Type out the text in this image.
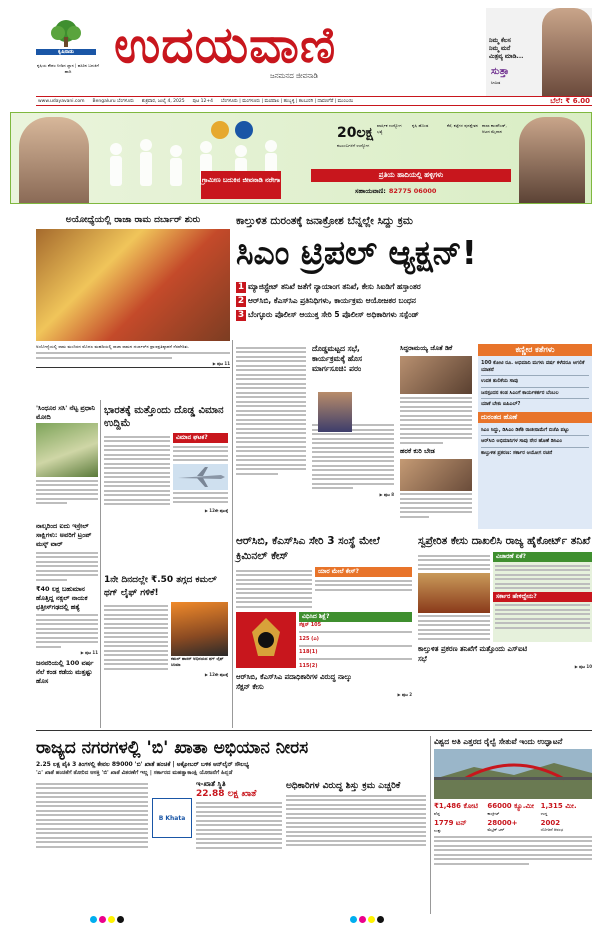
ಕೃಷಿನಾಡು
ಕೃಷಿಯ ಕೌಶಲ ನೀಡಿದ ಜ್ಞಾನ | ಹಸಿರಿನ ಬದುಕಿಗೆ ಹಾದಿ ಉದಯವಾಣಿ
ಜನಮನದ ಜೀವನಾಡಿ
ನಿಮ್ಮ ಕೆಲಸ
ನಿಮ್ಮ ಮನೆ
ಮಿತ್ರವ್ಯ ಮಾಡಿ...
ಸುತ್ತಾ
ಸೀಮಿತ
www.udayavani.com Bengaluru ಬೆಂಗಳೂರು ಶುಕ್ರವಾರ, ಜುಲೈ 4, 2025 ಪುಟ 12+4 ಬೆಂಗಳೂರು | ಮಂಗಳೂರು | ಮಣಿಪಾಲ | ಹುಬ್ಬಳ್ಳಿ | ಕಲಬುರಗಿ | ದಾವಣಗೆರೆ | ಮುಂಬಯಿ	ಬೆಲೆ: ₹ 6.00
20ಲಕ್ಷ
ಕುಟುಂಬಗಳಿಗೆ ಉದ್ಯೋಗ
ವಾರ್ಷಿಕ ಉದ್ಯೋಗ ಭತ್ಯೆ
ಕೃಷಿ ಹೊಂಡ	ಕೆರೆ, ಕಟ್ಟೆಗಳ ಪುನಶ್ಚೇತನ ಶಾಲಾ ಕಾಂಪೌಂಡ್, ಆಟದ ಮೈದಾನ
ಗ್ರಾಮೀಣ ಬದುಕಿನ ಜೀವನಾಡಿ ನರೇಗಾ
ಪ್ರತಿಯ ಹಾದಿಯಲ್ಲಿ ಹಳ್ಳಿಗಳು
ಸಹಾಯವಾಣಿ: 82775 06000
ಅಯೋಧ್ಯೆಯಲ್ಲಿ ರಾಜಾ ರಾಮ ದರ್ಬಾರ್ ಶುರು
ಅಯೋಧ್ಯೆಯಲ್ಲಿ ರಾಮ ಮಂದಿರದ ಮೊದಲ ಮಹಡಿಯಲ್ಲಿ ರಾಜಾ ರಾಮನ ದರ್ಬಾರ್‌ನ ಪ್ರಾಣಪ್ರತಿಷ್ಠಾಪನೆ ನೆರವೇರಿತು.
▶ ಪುಟ 11
ಕಾಲ್ತುಳಿತ ದುರಂತಕ್ಕೆ ಜನಾಕ್ರೋಶ ಬೆನ್ನಲ್ಲೇ ಸಿದ್ದು ಕ್ರಮ
ಸಿಎಂ ಟ್ರಿಪಲ್ ಆ್ಯಕ್ಷನ್!
1 ಮ್ಯಾಜಿಸ್ಟ್ರೇಟ್ ತನಿಖೆ ಜತೆಗೆ ನ್ಯಾಯಾಂಗ ತನಿಖೆ, ಕೇಸು ಸಿಐಡಿಗೆ ಹಸ್ತಾಂತರ
2 ಆರ್‌ಸಿಬಿ, ಕೆಎಸ್‌ಸಿಎ ಪ್ರತಿನಿಧಿಗಳು, ಕಾರ್ಯಕ್ರಮ ಆಯೋಜಕರ ಬಂಧನ
3 ಬೆಂಗ್ಳೂರು ಪೊಲೀಸ್ ಆಯುಕ್ತ ಸೇರಿ 5 ಪೊಲೀಸ್ ಅಧಿಕಾರಿಗಳು ಸಸ್ಪೆಂಡ್
ದೊಡ್ಡಮಟ್ಟದ ಸಭೆ, ಕಾರ್ಯಕ್ರಮಕ್ಕೆ ಹೊಸ ಮಾರ್ಗಸೂಚಿ: ಪರಂ
▶ ಪುಟ 8
ಸಿದ್ಧರಾಮಯ್ಯ ಜೊತೆ ಡಿಕೆ
ಹರಕೆ ಕುರಿ ಬೇಡ
ಕಣ್ಣೀರ ಕತೆಗಳು
100 ಕೋಟಿ ರೂ. ಅಭಿಮಾನಿ ಮಗಳು ವರ್ಷ ಕಳೆದರೂ ಅಗಲಿಕೆ ಯಾತನೆ
ಉದಕ ತುಲಿಕೆಯ ಸಾವು
ಜನಸ್ಪಂದನ ಕಂಡ ಸಿಎಂಗೆ ಕಾರ್ಯಕರ್ತರ ಬೆಂಬಲ
ಯಾಕೆ ಬೇಕು ಐಪಿಎಲ್?
ದುರಂತದ ಹೊಣೆ
ಸಿಎಂ ಸಿದ್ದು, ಡಿಸಿಎಂ ಡಿಕೆಶಿ ರಾಜೀನಾಮೆಗೆ ಬಿಜೆಪಿ ಪಟ್ಟು
ಆರ್‌ಸಿಬಿ ಅಭಿಮಾನಿಗಳ ಸಾವು ನೇರ ಹೊಣೆ ಡಿಸಿಎಂ
ಕಾಲ್ತುಳಿತ ಪ್ರಕರಣ: ಸರ್ಕಾರ ಆಯೋಗ ರಚನೆ
'ಸಿಂಧೂರ ಸಸಿ' ನೆಟ್ಟ ಪ್ರಧಾನಿ ಮೋದಿ
ನಾಲ್ಕರಿಂದ ಐದು ಇಸ್ರೇಲ್ ಸಾಕ್ಷಿಗಳು: ಅವರಿಗೆ ಟ್ರಂಪ್ ಮಸ್ಕ್ ವಾರ್
₹40 ಲಕ್ಷ ಬಹುಮಾನ ಹೊತ್ತಿದ್ದ ನಕ್ಸಲ್ ನಾಯಕ ಛತ್ತೀಸ್‌ಗಢದಲ್ಲಿ ಹತ್ಯೆ
▶ ಪುಟ 11
ಜನವರಿಯಲ್ಲಿ 100 ವರ್ಷ ನೆಲೆ ಕಂಡ ಕಡೆಯ ಮತ್ತಷ್ಟು ಹೊಸ
ಭಾರತಕ್ಕೆ ಮತ್ತೊಂದು ದೊಡ್ಡ ವಿಮಾನ ಉದ್ದಿಮೆ
ವಿಮಾನ ಘಟಕ?
▶ 12ನೇ ಪುಟಕ್ಕೆ
1ನೇ ದಿನದಲ್ಲೇ ₹.50 ತಗ್ಗದ ಕಮಲ್ ಥಗ್ ಲೈಫ್ ಗಳಿಕೆ!
ಕಮಲ್ ಹಾಸನ್ ಅಭಿನಯದ ಥಗ್ ಲೈಫ್ ಸಿನಿಮಾ
▶ 12ನೇ ಪುಟಕ್ಕೆ
ಆರ್‌ಸಿಬಿ, ಕೆಎಸ್‌ಸಿಎ ಸೇರಿ 3 ಸಂಸ್ಥೆ ಮೇಲೆ ಕ್ರಿಮಿನಲ್ ಕೇಸ್
ಯಾರ ಮೇಲೆ ಕೇಸ್?
ವಿಧಿಸಿದ ಶಿಕ್ಷೆ?
ಸೆಕ್ಷನ್ 105
125 (ಎ)
118(1)
115(2)
ಆರ್‌ಸಿಬಿ, ಕೆಎಸ್‌ಸಿಎ ಪದಾಧಿಕಾರಿಗಳ ವಿರುದ್ಧ ನಾಲ್ಕು ಸೆಕ್ಷನ್ ಕೇಸು
▶ ಪುಟ 2
ಸ್ವಪ್ರೇರಿತ ಕೇಸು ದಾಖಲಿಸಿ ರಾಜ್ಯ ಹೈಕೋರ್ಟ್ ತನಿಖೆ
ವಿಚಾರಣೆ ಏಕೆ?
ಸರ್ಕಾರ ಹೇಳಿದ್ದೇನು?
ಕಾಲ್ತುಳಿತ ಪ್ರಕರಣ ತನಿಖೆಗೆ ಮತ್ತೊಂದು ಎಸ್‌ಐಟಿ ಸಭೆ
▶ ಪುಟ 10
ರಾಜ್ಯದ ನಗರಗಳಲ್ಲಿ 'ಬಿ' ಖಾತಾ ಅಭಿಯಾನ ನೀರಸ
2.25 ಲಕ್ಷ ಪೈಕಿ 3 ತಿಂಗಳಲ್ಲಿ ಕೇವಲ 89000 'ಬಿ' ಖಾತೆ ಹಂಚಿಕೆ | ಅಕ್ಟೋಬರ್ ಬಳಿಕ ಆನ್‌ಲೈನ್ ಸೌಲಭ್ಯ
'ಎ' ಖಾತೆ ಹಂಚಿಕೆಗೆ ತೋರಿದ ಆಸಕ್ತಿ 'ಬಿ' ಖಾತೆ ವಿತರಣೆಗೆ ಇಲ್ಲ | ಸರ್ಕಾರದ ಮಹತ್ವಾಕಾಂಕ್ಷಿ ಯೋಜನೆಗೆ ಹಿನ್ನಡೆ
B Khata
ಇ-ಖಾತೆ ಸ್ಥಿತಿ
22.88 ಲಕ್ಷ ಖಾತೆ
ಅಧಿಕಾರಿಗಳ ವಿರುದ್ಧ ಶಿಸ್ತು ಕ್ರಮ ಎಚ್ಚರಿಕೆ
ವಿಶ್ವದ ಅತಿ ಎತ್ತರದ ರೈಲ್ವೆ ಸೇತುವೆ ಇಂದು ಉದ್ಘಾಟನೆ
₹1,486 ಕೋಟಿ
ವೆಚ್ಚ
66000 ಕ್ಯೂ.ಮೀ
ಕಾಂಕ್ರೀಟ್
1,315 ಮೀ.
ಉದ್ದ
1779 ಟನ್
ಉಕ್ಕು
28000+
ಮೆಟ್ರಿಕ್ ಟನ್
2002
ಯೋಜನೆ ಆರಂಭ
